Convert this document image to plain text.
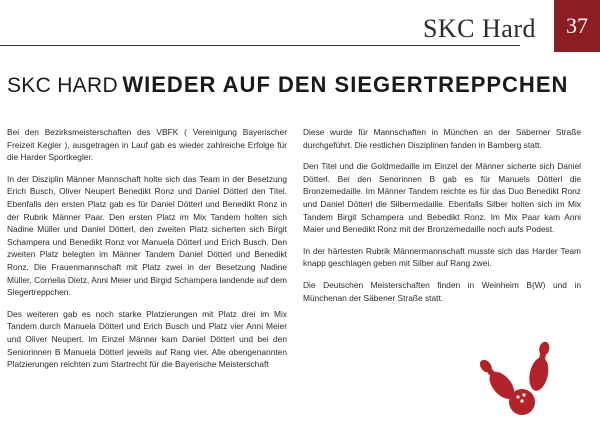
SKC Hard	37
SKC HARD WIEDER AUF DEN SIEGERTREPPCHEN

Bei den Bezirksmeisterschaften des VBFK ( Vereinigung Bayerischer Freizeit Kegler ), ausgetragen in Lauf gab es wieder zahlreiche Erfolge für die Harder Sportkegler.

In der Disziplin Männer Mannschaft holte sich das Team in der Besetzung Erich Busch, Oliver Neupert Benedikt Ronz und Daniel Dötterl den Titel. Ebenfalls den ersten Platz gab es für Daniel Dötterl und Benedikt Ronz in der Rubrik Männer Paar. Den ersten Platz im Mix Tandem holten sich Nadine Müller und Daniel Dötterl, den zweiten Platz sicherten sich Birgit Schampera und Benedikt Ronz vor Manuela Dötterl und Erich Busch. Den zweiten Platz belegten im Männer Tandem Daniel Dötterl und Benedikt Ronz. Die Frauenmannschaft mit Platz zwei in der Besetzung Nadine Müller, Cornelia Dietz, Anni Meier und Birgid Schampera landende auf dem Siegertreppchen.

Des weiteren gab es noch starke Platzierungen mit Platz drei im Mix Tandem durch Manuela Dötterl und Erich Busch und Platz vier Anni Meier und Oliver Neupert. Im Einzel Männer kam Daniel Dötterl und bei den Seniorinnen B Manuela Dötterl jeweils auf Rang vier. Alle obengenannten Platzierungen reichten zum Startrecht für die Bayerische Meisterschaft

Diese wurde für Mannschaften in München an der Säberner Straße durchgeführt. Die restlichen Disziplinen fanden in Bamberg statt.

Den Titel und die Goldmedaille im Einzel der Männer sicherte sich Daniel Dötterl. Bei den Senorinnen B gab es für Manuels Dötterl die Bronzemedaille. Im Männer Tandem reichte es für das Duo Benedikt Ronz und Daniel Dötterl die Silbermedaille. Ebenfalls Silber holten sich im Mix Tandem Birgit Schampera und Bebedikt Ronz. Im Mix Paar kam Anni Maier und Benedikt Ronz mit der Bronzemedaille noch aufs Podest.

In der härtesten Rubrik Männermannschaft musste sich das Harder Team knapp geschlagen geben mit Silber auf Rang zwei.

Die Deutschen Meisterschaften finden in Weinheim B(W) und in Münchenan der Säbener Straße statt.
